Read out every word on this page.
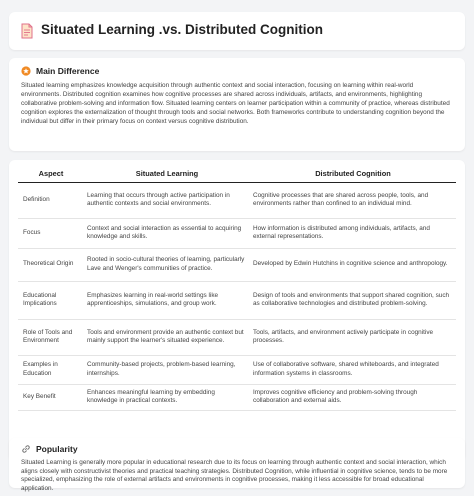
Situated Learning .vs. Distributed Cognition
Main Difference

Situated learning emphasizes knowledge acquisition through authentic context and social interaction, focusing on learning within real-world environments. Distributed cognition examines how cognitive processes are shared across individuals, artifacts, and environments, highlighting collaborative problem-solving and information flow. Situated learning centers on learner participation within a community of practice, whereas distributed cognition explores the externalization of thought through tools and social networks. Both frameworks contribute to understanding cognition beyond the individual but differ in their primary focus on context versus cognitive distribution.

Aspect	Situated Learning	Distributed Cognition
Definition	Learning that occurs through active participation in authentic contexts and social environments.	Cognitive processes that are shared across people, tools, and environments rather than confined to an individual mind.
Focus	Context and social interaction as essential to acquiring knowledge and skills.	How information is distributed among individuals, artifacts, and external representations.
Theoretical Origin	Rooted in socio-cultural theories of learning, particularly Lave and Wenger's communities of practice.	Developed by Edwin Hutchins in cognitive science and anthropology.
Educational Implications	Emphasizes learning in real-world settings like apprenticeships, simulations, and group work.	Design of tools and environments that support shared cognition, such as collaborative technologies and distributed problem-solving.
Role of Tools and Environment	Tools and environment provide an authentic context but mainly support the learner's situated experience.	Tools, artifacts, and environment actively participate in cognitive processes.
Examples in Education	Community-based projects, problem-based learning, internships.	Use of collaborative software, shared whiteboards, and integrated information systems in classrooms.
Key Benefit	Enhances meaningful learning by embedding knowledge in practical contexts.	Improves cognitive efficiency and problem-solving through collaboration and external aids.
Popularity

Situated Learning is generally more popular in educational research due to its focus on learning through authentic context and social interaction, which aligns closely with constructivist theories and practical teaching strategies. Distributed Cognition, while influential in cognitive science, tends to be more specialized, emphasizing the role of external artifacts and environments in cognitive processes, making it less accessible for broad educational application.
